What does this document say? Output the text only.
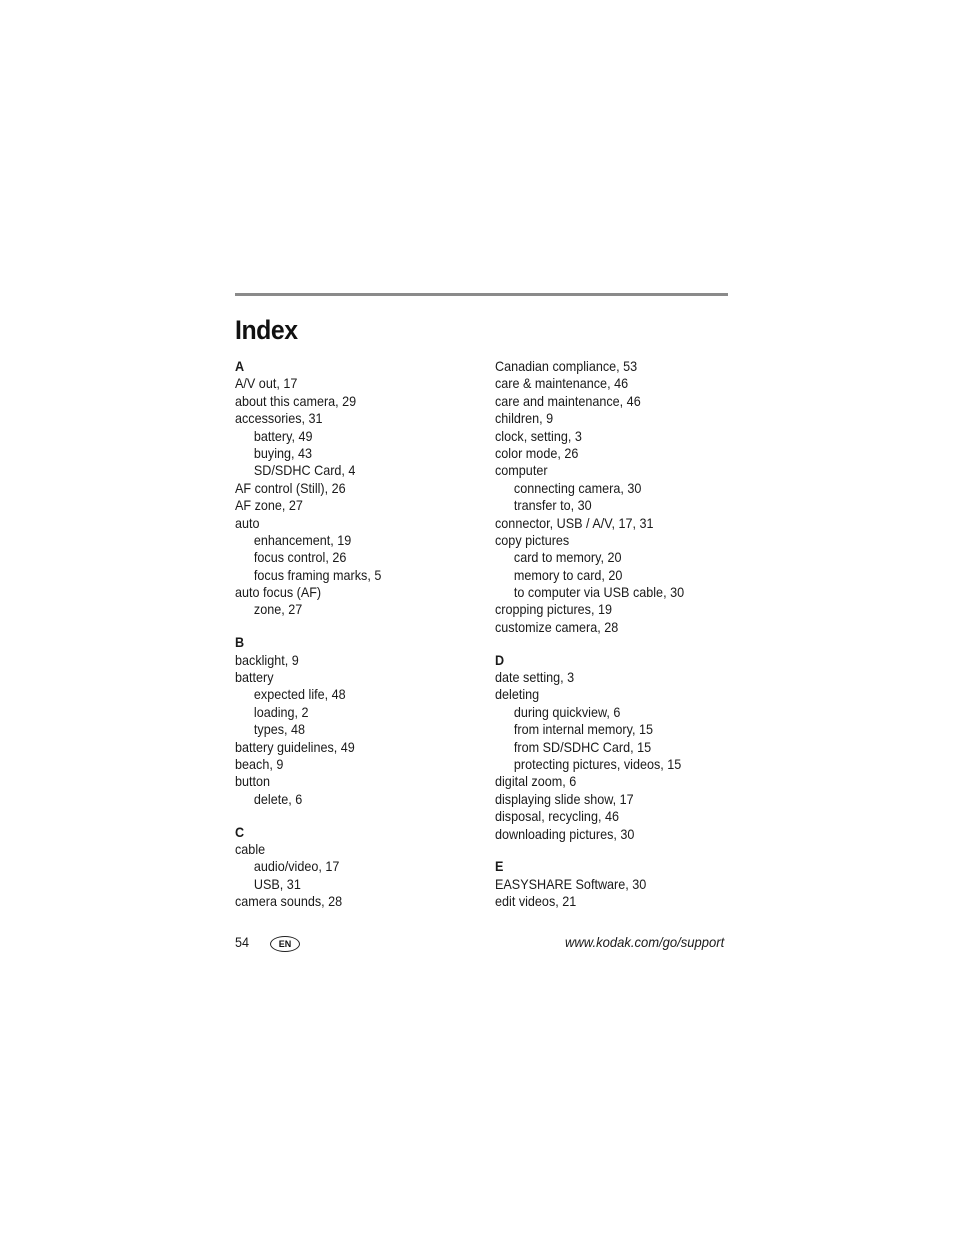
Index
A
A/V out, 17
about this camera, 29
accessories, 31
battery, 49
buying, 43
SD/SDHC Card, 4
AF control (Still), 26
AF zone, 27
auto
enhancement, 19
focus control, 26
focus framing marks, 5
auto focus (AF)
zone, 27
B
backlight, 9
battery
expected life, 48
loading, 2
types, 48
battery guidelines, 49
beach, 9
button
delete, 6
C
cable
audio/video, 17
USB, 31
camera sounds, 28
Canadian compliance, 53
care & maintenance, 46
care and maintenance, 46
children, 9
clock, setting, 3
color mode, 26
computer
connecting camera, 30
transfer to, 30
connector, USB / A/V, 17, 31
copy pictures
card to memory, 20
memory to card, 20
to computer via USB cable, 30
cropping pictures, 19
customize camera, 28
D
date setting, 3
deleting
during quickview, 6
from internal memory, 15
from SD/SDHC Card, 15
protecting pictures, videos, 15
digital zoom, 6
displaying slide show, 17
disposal, recycling, 46
downloading pictures, 30
E
EASYSHARE Software, 30
edit videos, 21
54	EN	www.kodak.com/go/support
